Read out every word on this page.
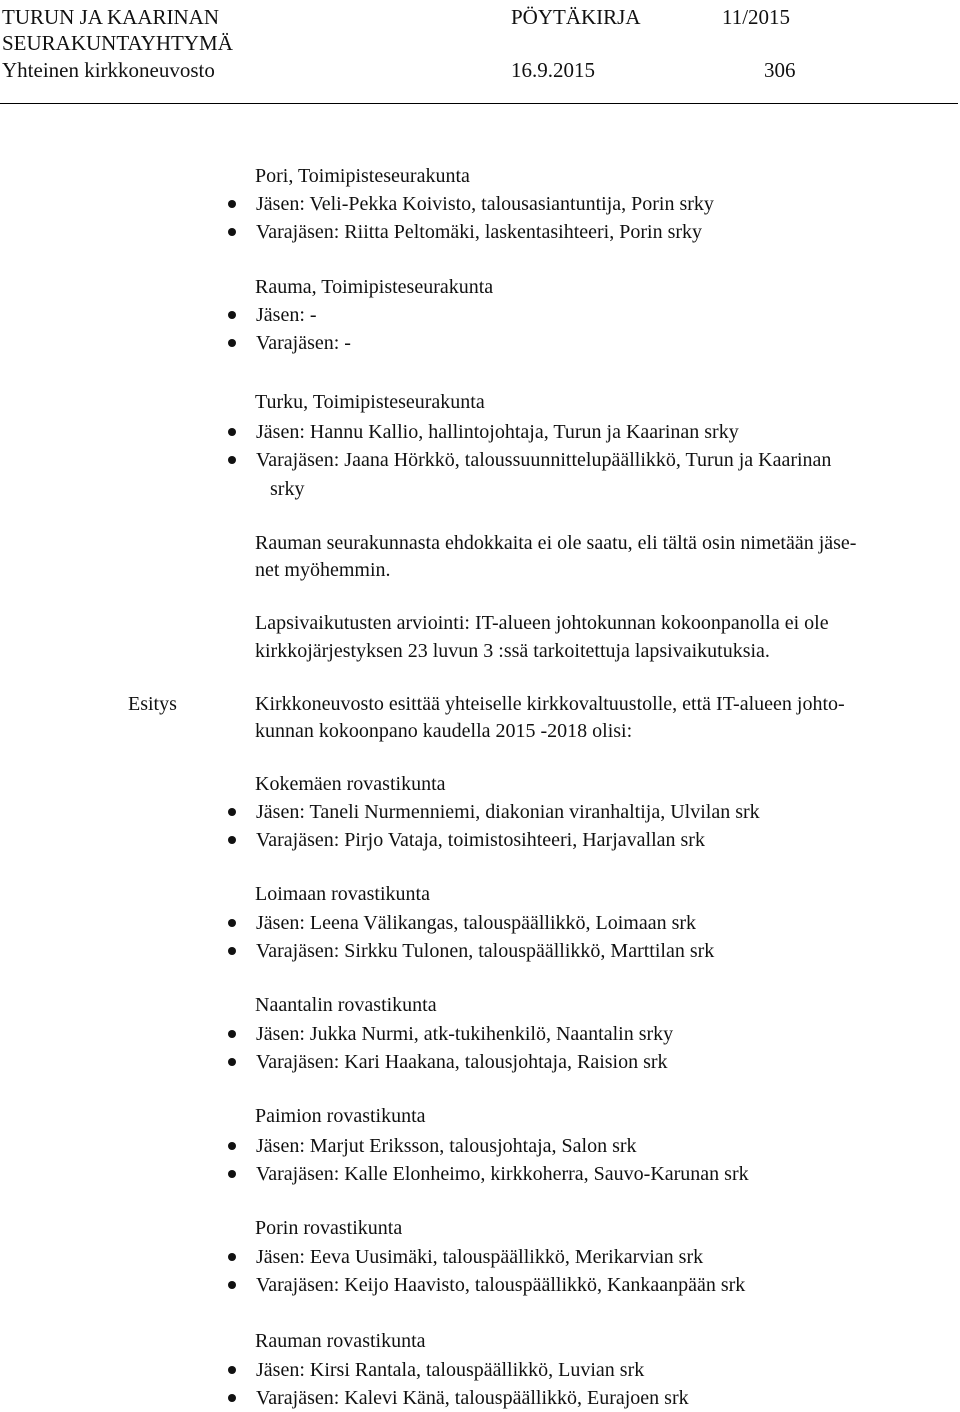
TURUN JA KAARINAN
SEURAKUNTAYHTYMÄ
Yhteinen kirkkoneuvosto
PÖYTÄKIRJA
16.9.2015
11/2015
306
Pori, Toimipisteseurakunta
Jäsen: Veli-Pekka Koivisto, talousasiantuntija, Porin srky
Varajäsen: Riitta Peltomäki, laskentasihteeri, Porin srky
Rauma, Toimipisteseurakunta
Jäsen: -
Varajäsen: -
Turku, Toimipisteseurakunta
Jäsen: Hannu Kallio, hallintojohtaja, Turun ja Kaarinan srky
Varajäsen: Jaana Hörkkö, taloussuunnittelupäällikkö, Turun ja Kaarinan
srky
Rauman seurakunnasta ehdokkaita ei ole saatu, eli tältä osin nimetään jäse-
net myöhemmin.
Lapsivaikutusten arviointi: IT-alueen johtokunnan kokoonpanolla ei ole
kirkkojärjestyksen 23 luvun 3 :ssä tarkoitettuja lapsivaikutuksia.
Esitys	Kirkkoneuvosto esittää yhteiselle kirkkovaltuustolle, että IT-alueen johto-
kunnan kokoonpano kaudella 2015 -2018 olisi:
Kokemäen rovastikunta
Jäsen: Taneli Nurmenniemi, diakonian viranhaltija, Ulvilan srk
Varajäsen: Pirjo Vataja, toimistosihteeri, Harjavallan srk
Loimaan rovastikunta
Jäsen: Leena Välikangas, talouspäällikkö, Loimaan srk
Varajäsen: Sirkku Tulonen, talouspäällikkö, Marttilan srk
Naantalin rovastikunta
Jäsen: Jukka Nurmi, atk-tukihenkilö, Naantalin srky
Varajäsen: Kari Haakana, talousjohtaja, Raision srk
Paimion rovastikunta
Jäsen: Marjut Eriksson, talousjohtaja, Salon srk
Varajäsen: Kalle Elonheimo, kirkkoherra, Sauvo-Karunan srk
Porin rovastikunta
Jäsen: Eeva Uusimäki, talouspäällikkö, Merikarvian srk
Varajäsen: Keijo Haavisto, talouspäällikkö, Kankaanpään srk
Rauman rovastikunta
Jäsen: Kirsi Rantala, talouspäällikkö, Luvian srk
Varajäsen: Kalevi Känä, talouspäällikkö, Eurajoen srk
